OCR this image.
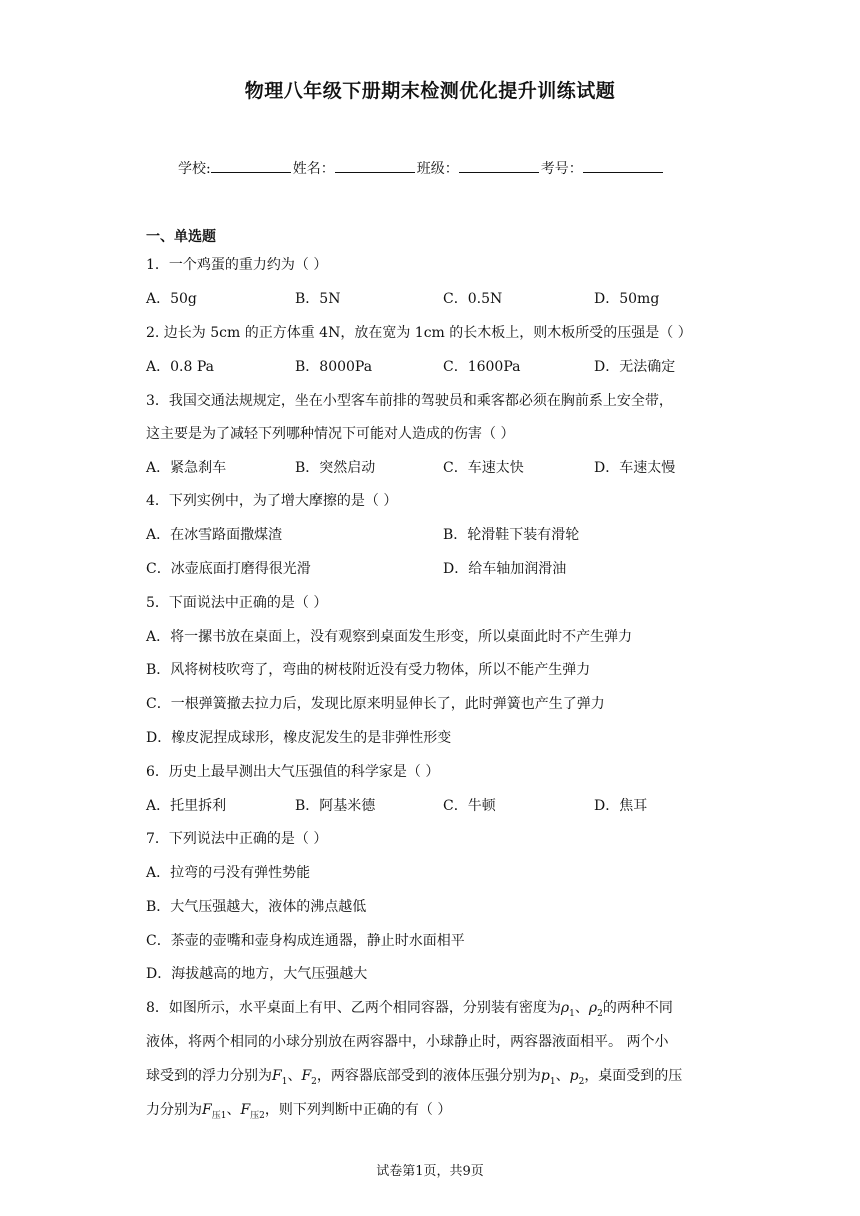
物理八年级下册期末检测优化提升训练试题
学校:	姓名：	班级：	考号：
一、单选题
1．一个鸡蛋的重力约为（ ）
A．50g	B．5N	C．0.5N	D．50mg
2. 边长为 5cm 的正方体重 4N，放在宽为 1cm 的长木板上，则木板所受的压强是（ ）
A．0.8 Pa	B．8000Pa	C．1600Pa	D．无法确定
3．我国交通法规规定，坐在小型客车前排的驾驶员和乘客都必须在胸前系上安全带，
这主要是为了减轻下列哪种情况下可能对人造成的伤害（ ）
A．紧急刹车	B．突然启动	C．车速太快	D．车速太慢
4．下列实例中，为了增大摩擦的是（ ）
A．在冰雪路面撒煤渣	B．轮滑鞋下装有滑轮
C．冰壶底面打磨得很光滑	D．给车轴加润滑油
5．下面说法中正确的是（ ）
A．将一摞书放在桌面上，没有观察到桌面发生形变，所以桌面此时不产生弹力
B．风将树枝吹弯了，弯曲的树枝附近没有受力物体，所以不能产生弹力
C．一根弹簧撤去拉力后，发现比原来明显伸长了，此时弹簧也产生了弹力
D．橡皮泥捏成球形，橡皮泥发生的是非弹性形变
6．历史上最早测出大气压强值的科学家是（ ）
A．托里拆利	B．阿基米德	C．牛顿	D．焦耳
7．下列说法中正确的是（ ）
A．拉弯的弓没有弹性势能
B．大气压强越大，液体的沸点越低
C．茶壶的壶嘴和壶身构成连通器，静止时水面相平
D．海拔越高的地方，大气压强越大
8．如图所示，水平桌面上有甲、乙两个相同容器，分别装有密度为$\rho_1$、$\rho_2$的两种不同
液体，将两个相同的小球分别放在两容器中，小球静止时，两容器液面相平。 两个小
球受到的浮力分别为$F_1$、$F_2$，两容器底部受到的液体压强分别为$p_1$、$p_2$，桌面受到的压
力分别为$F_{压1}$、$F_{压2}$，则下列判断中正确的有（ ）
试卷第1页，共9页
